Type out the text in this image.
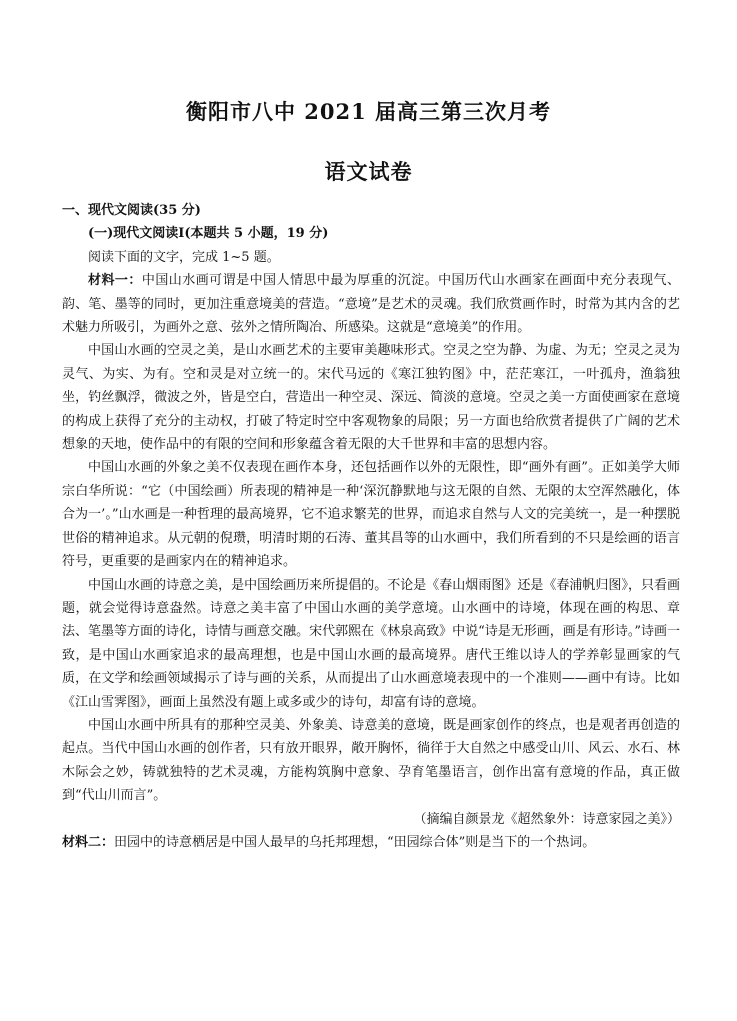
衡阳市八中 2021 届高三第三次月考
语文试卷

一、现代文阅读(35 分)

(一)现代文阅读Ⅰ(本题共 5 小题，19 分)

阅读下面的文字，完成 1~5 题。

材料一：中国山水画可谓是中国人情思中最为厚重的沉淀。中国历代山水画家在画面中充分表现气、韵、笔、墨等的同时，更加注重意境美的营造。“意境”是艺术的灵魂。我们欣赏画作时，时常为其内含的艺术魅力所吸引，为画外之意、弦外之情所陶冶、所感染。这就是“意境美”的作用。

中国山水画的空灵之美，是山水画艺术的主要审美趣味形式。空灵之空为静、为虚、为无；空灵之灵为灵气、为实、为有。空和灵是对立统一的。宋代马远的《寒江独钓图》中，茫茫寒江，一叶孤舟，渔翁独坐，钓丝飘浮，微波之外，皆是空白，营造出一种空灵、深远、简淡的意境。空灵之美一方面使画家在意境的构成上获得了充分的主动权，打破了特定时空中客观物象的局限；另一方面也给欣赏者提供了广阔的艺术想象的天地，使作品中的有限的空间和形象蕴含着无限的大千世界和丰富的思想内容。

中国山水画的外象之美不仅表现在画作本身，还包括画作以外的无限性，即“画外有画”。正如美学大师宗白华所说：“它（中国绘画）所表现的精神是一种‘深沉静默地与这无限的自然、无限的太空浑然融化，体合为一’。”山水画是一种哲理的最高境界，它不追求繁芜的世界，而追求自然与人文的完美统一，是一种摆脱世俗的精神追求。从元朝的倪瓒，明清时期的石涛、董其昌等的山水画中，我们所看到的不只是绘画的语言符号，更重要的是画家内在的精神追求。

中国山水画的诗意之美，是中国绘画历来所提倡的。不论是《春山烟雨图》还是《春浦帆归图》，只看画题，就会觉得诗意盎然。诗意之美丰富了中国山水画的美学意境。山水画中的诗境，体现在画的构思、章法、笔墨等方面的诗化，诗情与画意交融。宋代郭熙在《林泉高致》中说“诗是无形画，画是有形诗。”诗画一致，是中国山水画家追求的最高理想，也是中国山水画的最高境界。唐代王维以诗人的学养彰显画家的气质，在文学和绘画领域揭示了诗与画的关系，从而提出了山水画意境表现中的一个准则——画中有诗。比如《江山雪霁图》，画面上虽然没有题上或多或少的诗句，却富有诗的意境。

中国山水画中所具有的那种空灵美、外象美、诗意美的意境，既是画家创作的终点，也是观者再创造的起点。当代中国山水画的创作者，只有放开眼界，敞开胸怀，徜徉于大自然之中感受山川、风云、水石、林木际会之妙，铸就独特的艺术灵魂，方能构筑胸中意象、孕育笔墨语言，创作出富有意境的作品，真正做到“代山川而言”。

（摘编自颜景龙《超然象外：诗意家园之美》）

材料二：田园中的诗意栖居是中国人最早的乌托邦理想，“田园综合体”则是当下的一个热词。
